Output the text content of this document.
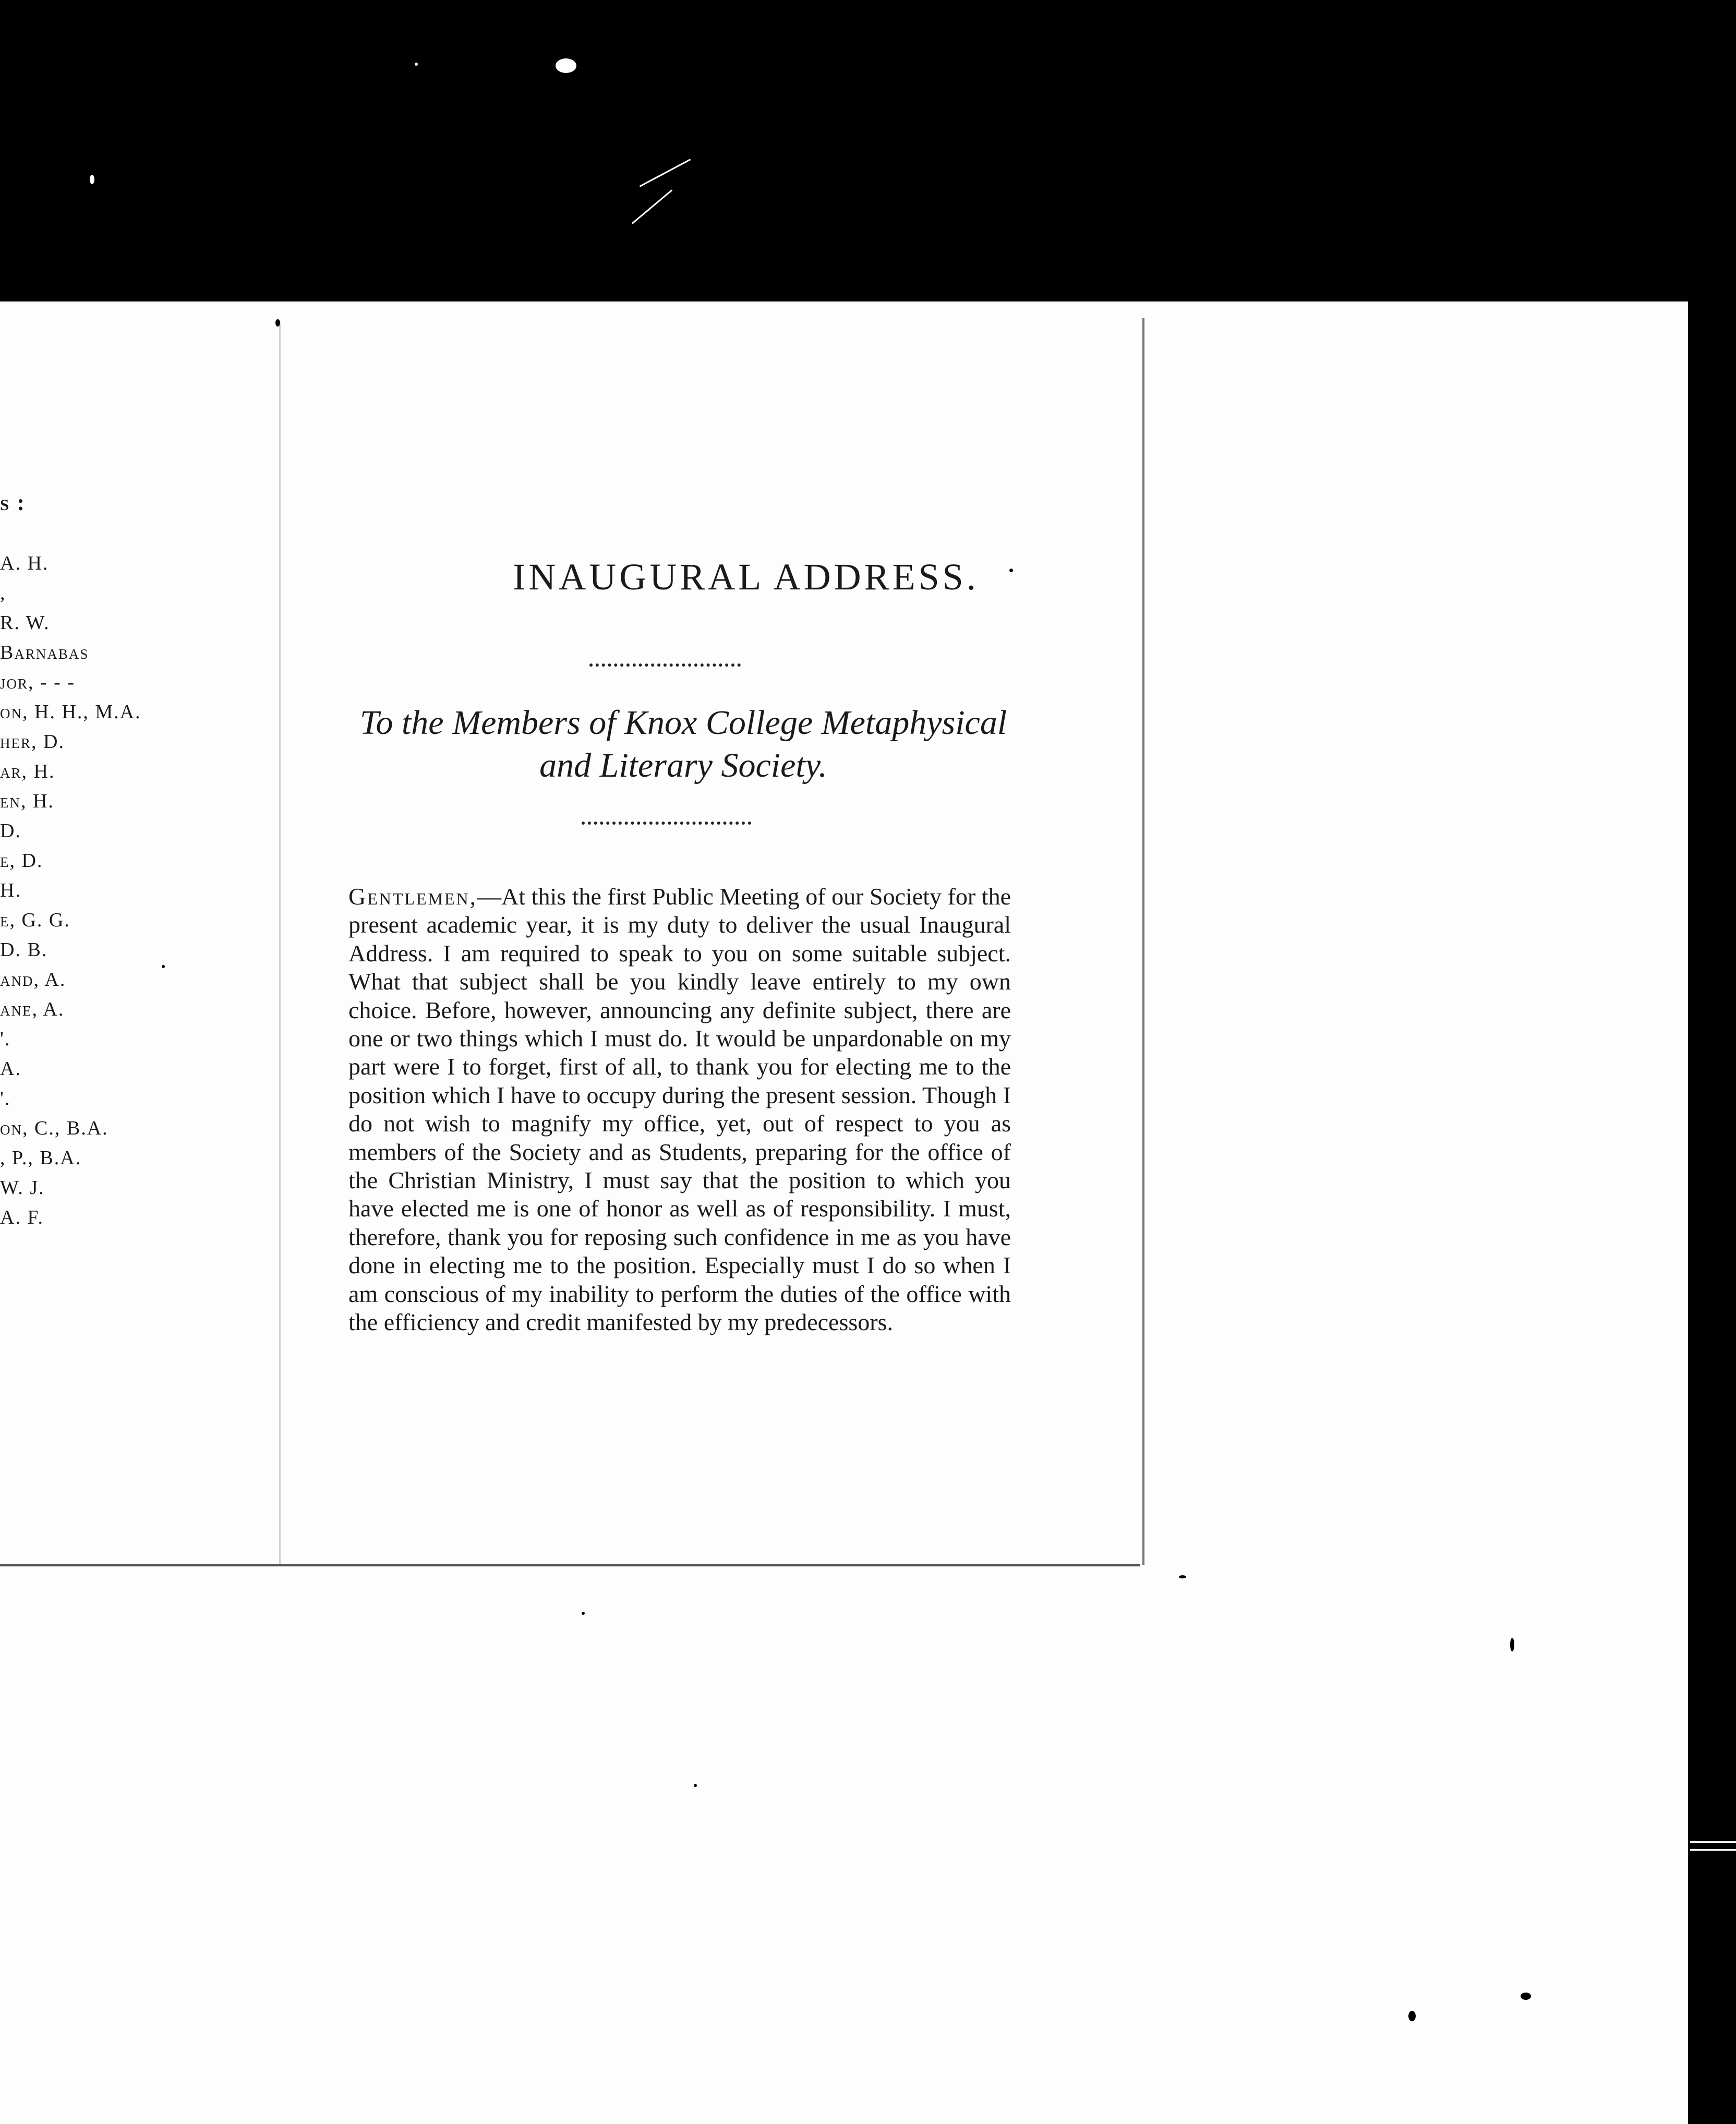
s :
A. H.
,
R. W.
Barnabas
jor, - - -
on, H. H., M.A.
her, D.
ar, H.
en, H.
D.
e, D.
H.
e, G. G.
D. B.
and, A.
ane, A.
'.
A.
'.
on, C., B.A.
, P., B.A.
W. J.
A. F.
INAUGURAL ADDRESS.
To the Members of Knox College Metaphysical
and Literary Society.
Gentlemen,—At this the first Public Meeting of our Society for the present academic year, it is my duty to deliver the usual Inaugural Address. I am required to speak to you on some suitable subject. What that subject shall be you kindly leave entirely to my own choice. Before, however, announcing any definite subject, there are one or two things which I must do. It would be unpardonable on my part were I to forget, first of all, to thank you for electing me to the position which I have to occupy during the present session. Though I do not wish to magnify my office, yet, out of respect to you as members of the Society and as Students, preparing for the office of the Christian Ministry, I must say that the position to which you have elected me is one of honor as well as of responsibility. I must, therefore, thank you for reposing such confidence in me as you have done in electing me to the position. Especially must I do so when I am conscious of my inability to perform the duties of the office with the efficiency and credit manifested by my predecessors.
